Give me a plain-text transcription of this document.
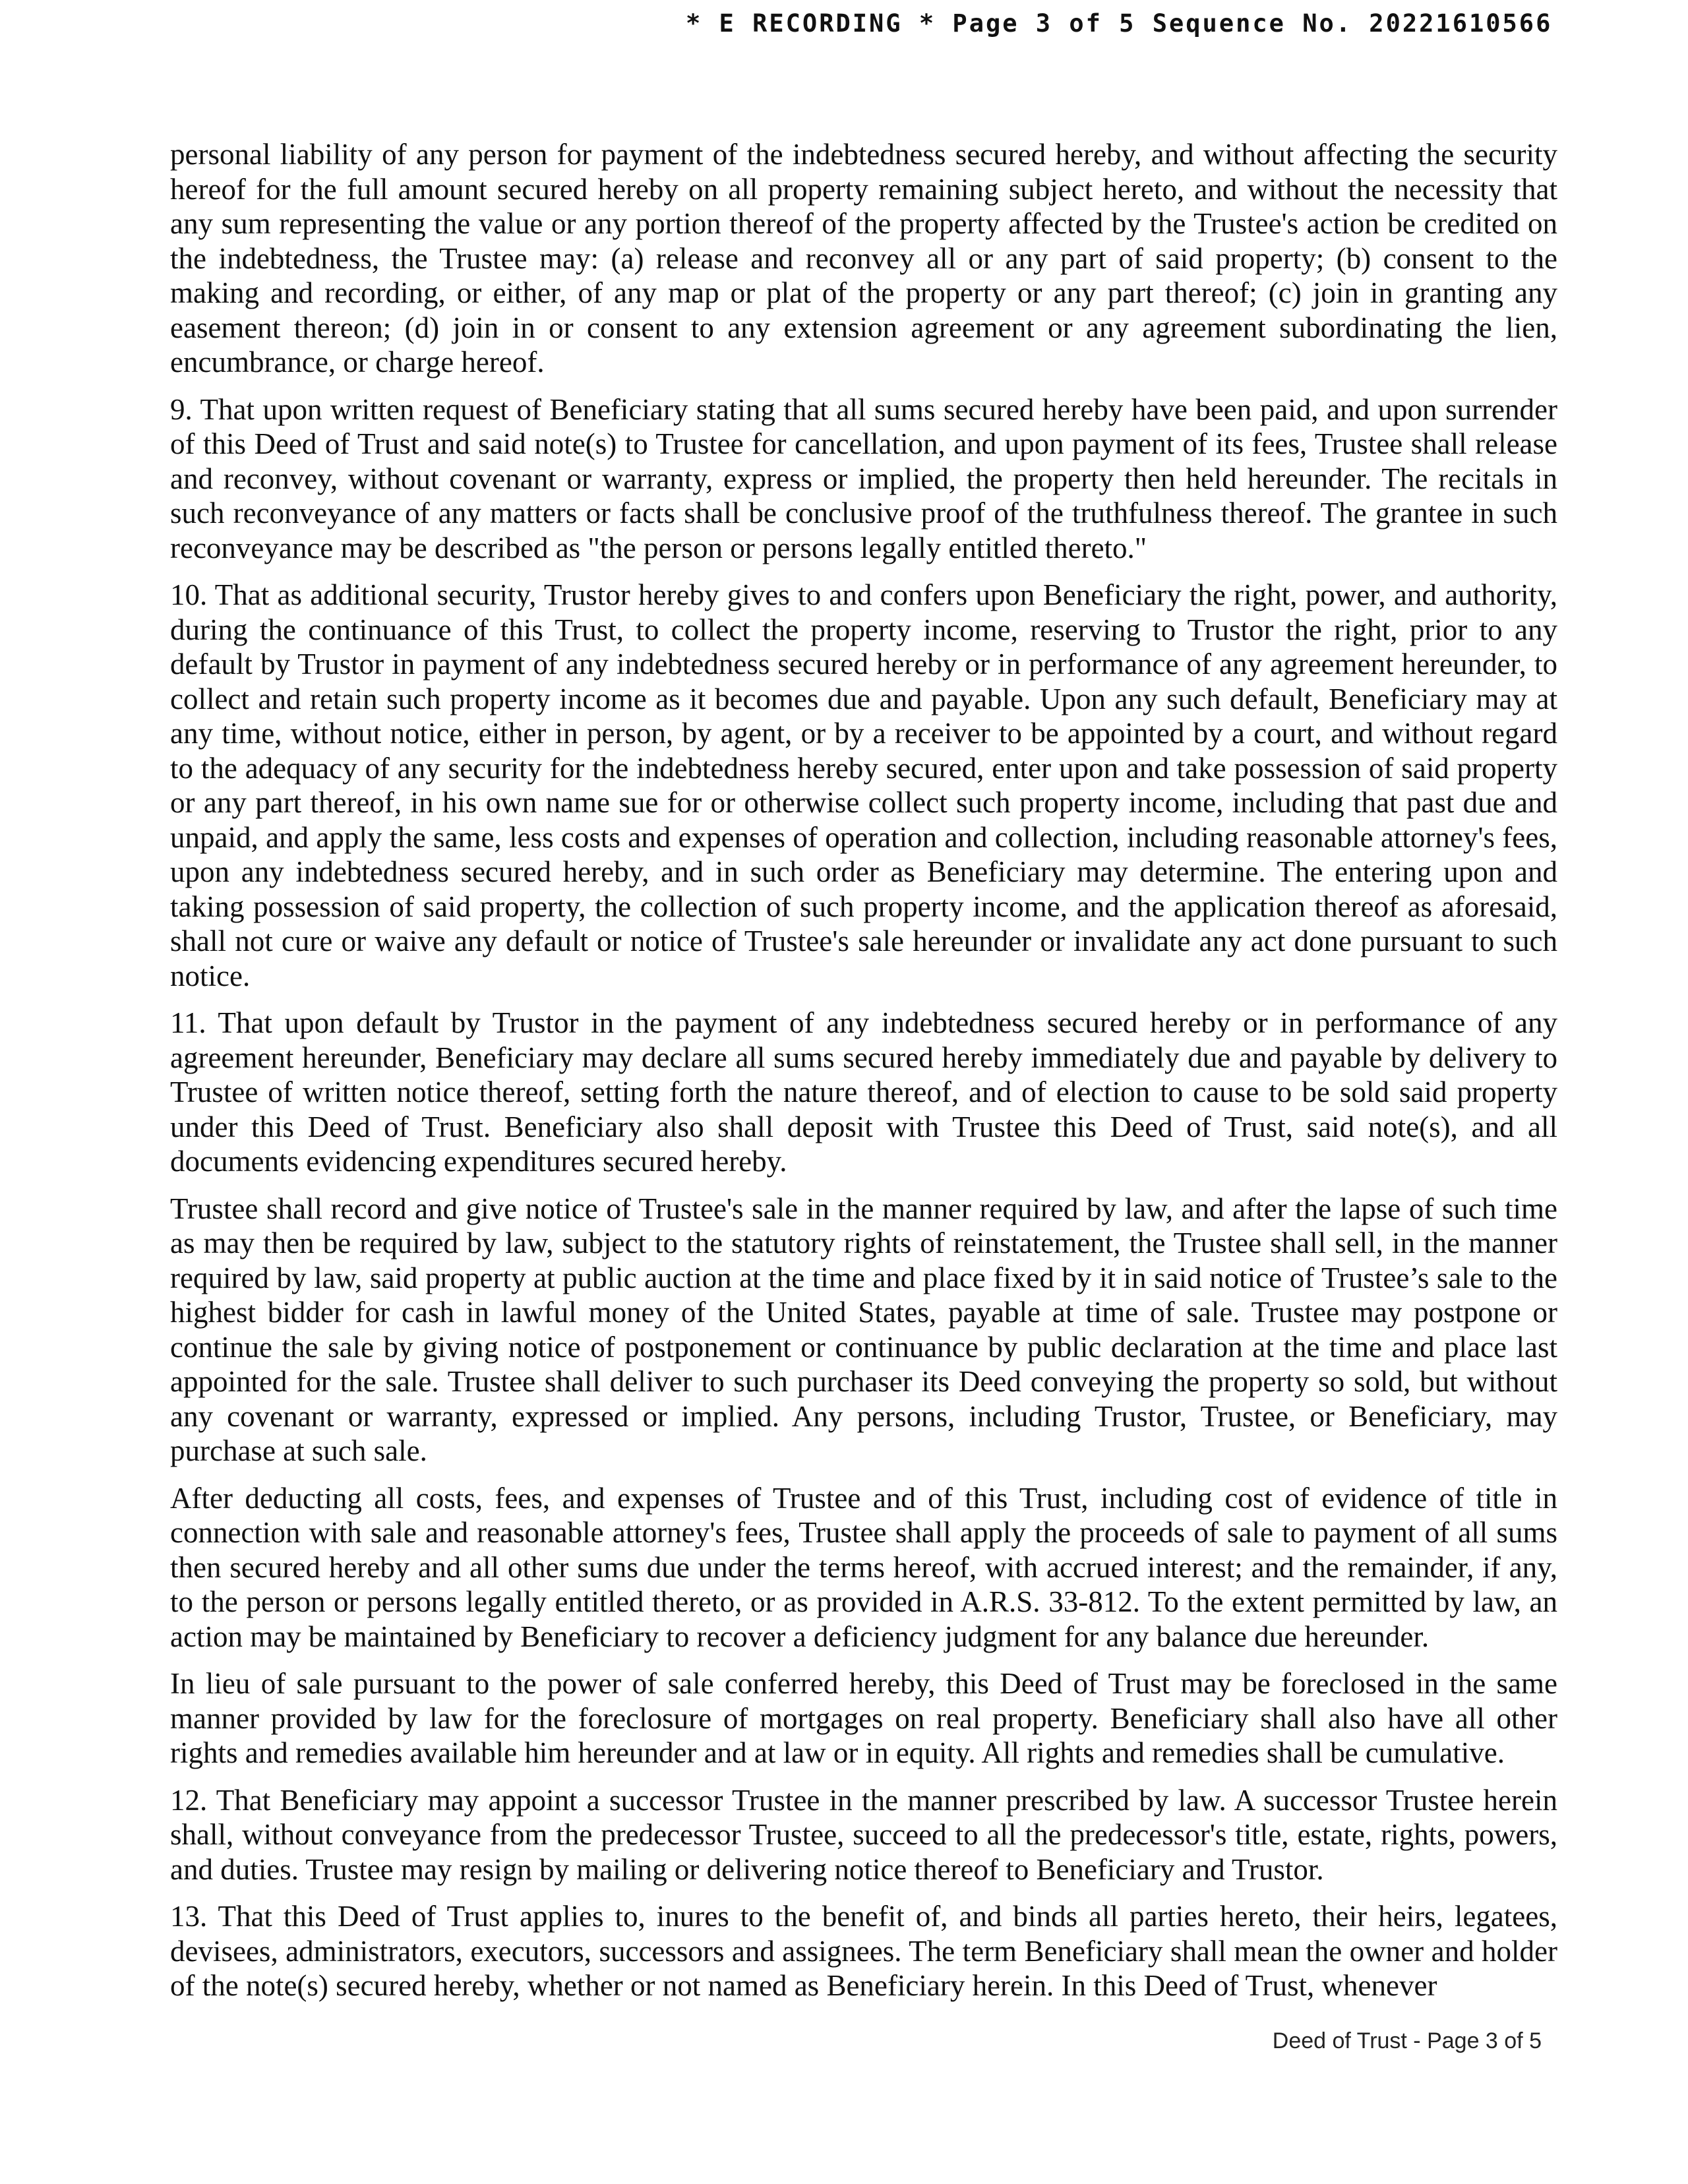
* E RECORDING * Page 3 of 5 Sequence No. 20221610566

personal liability of any person for payment of the indebtedness secured hereby, and without affecting the security hereof for the full amount secured hereby on all property remaining subject hereto, and without the necessity that any sum representing the value or any portion thereof of the property affected by the Trustee's action be credited on the indebtedness, the Trustee may: (a) release and reconvey all or any part of said property; (b) consent to the making and recording, or either, of any map or plat of the property or any part thereof; (c) join in granting any easement thereon; (d) join in or consent to any extension agreement or any agreement subordinating the lien, encumbrance, or charge hereof.

9. That upon written request of Beneficiary stating that all sums secured hereby have been paid, and upon surrender of this Deed of Trust and said note(s) to Trustee for cancellation, and upon payment of its fees, Trustee shall release and reconvey, without covenant or warranty, express or implied, the property then held hereunder. The recitals in such reconveyance of any matters or facts shall be conclusive proof of the truthfulness thereof. The grantee in such reconveyance may be described as "the person or persons legally entitled thereto."

10. That as additional security, Trustor hereby gives to and confers upon Beneficiary the right, power, and authority, during the continuance of this Trust, to collect the property income, reserving to Trustor the right, prior to any default by Trustor in payment of any indebtedness secured hereby or in performance of any agreement hereunder, to collect and retain such property income as it becomes due and payable. Upon any such default, Beneficiary may at any time, without notice, either in person, by agent, or by a receiver to be appointed by a court, and without regard to the adequacy of any security for the indebtedness hereby secured, enter upon and take possession of said property or any part thereof, in his own name sue for or otherwise collect such property income, including that past due and unpaid, and apply the same, less costs and expenses of operation and collection, including reasonable attorney's fees, upon any indebtedness secured hereby, and in such order as Beneficiary may determine. The entering upon and taking possession of said property, the collection of such property income, and the application thereof as aforesaid, shall not cure or waive any default or notice of Trustee's sale hereunder or invalidate any act done pursuant to such notice.

11. That upon default by Trustor in the payment of any indebtedness secured hereby or in performance of any agreement hereunder, Beneficiary may declare all sums secured hereby immediately due and payable by delivery to Trustee of written notice thereof, setting forth the nature thereof, and of election to cause to be sold said property under this Deed of Trust. Beneficiary also shall deposit with Trustee this Deed of Trust, said note(s), and all documents evidencing expenditures secured hereby.

Trustee shall record and give notice of Trustee's sale in the manner required by law, and after the lapse of such time as may then be required by law, subject to the statutory rights of reinstatement, the Trustee shall sell, in the manner required by law, said property at public auction at the time and place fixed by it in said notice of Trustee’s sale to the highest bidder for cash in lawful money of the United States, payable at time of sale. Trustee may postpone or continue the sale by giving notice of postponement or continuance by public declaration at the time and place last appointed for the sale. Trustee shall deliver to such purchaser its Deed conveying the property so sold, but without any covenant or warranty, expressed or implied. Any persons, including Trustor, Trustee, or Beneficiary, may purchase at such sale.

After deducting all costs, fees, and expenses of Trustee and of this Trust, including cost of evidence of title in connection with sale and reasonable attorney's fees, Trustee shall apply the proceeds of sale to payment of all sums then secured hereby and all other sums due under the terms hereof, with accrued interest; and the remainder, if any, to the person or persons legally entitled thereto, or as provided in A.R.S. 33-812. To the extent permitted by law, an action may be maintained by Beneficiary to recover a deficiency judgment for any balance due hereunder.

In lieu of sale pursuant to the power of sale conferred hereby, this Deed of Trust may be foreclosed in the same manner provided by law for the foreclosure of mortgages on real property. Beneficiary shall also have all other rights and remedies available him hereunder and at law or in equity. All rights and remedies shall be cumulative.

12. That Beneficiary may appoint a successor Trustee in the manner prescribed by law. A successor Trustee herein shall, without conveyance from the predecessor Trustee, succeed to all the predecessor's title, estate, rights, powers, and duties. Trustee may resign by mailing or delivering notice thereof to Beneficiary and Trustor.

13. That this Deed of Trust applies to, inures to the benefit of, and binds all parties hereto, their heirs, legatees, devisees, administrators, executors, successors and assignees. The term Beneficiary shall mean the owner and holder of the note(s) secured hereby, whether or not named as Beneficiary herein. In this Deed of Trust, whenever

Deed of Trust - Page 3 of 5
